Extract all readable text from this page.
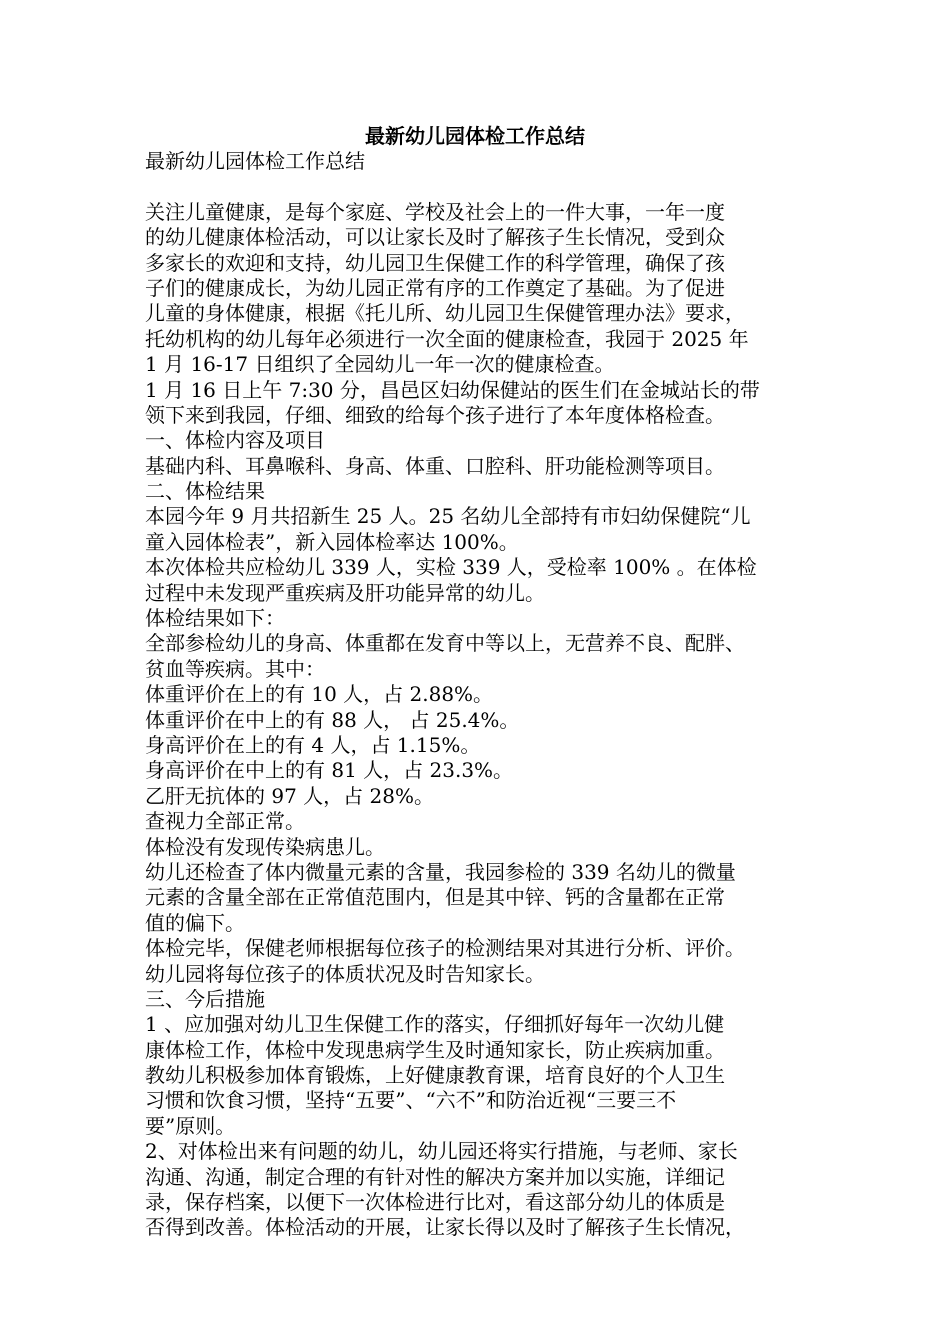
最新幼儿园体检工作总结
最新幼儿园体检工作总结
关注儿童健康，是每个家庭、学校及社会上的一件大事，一年一度
的幼儿健康体检活动，可以让家长及时了解孩子生长情况，受到众
多家长的欢迎和支持，幼儿园卫生保健工作的科学管理，确保了孩
子们的健康成长，为幼儿园正常有序的工作奠定了基础。为了促进
儿童的身体健康，根据《托儿所、幼儿园卫生保健管理办法》要求，
托幼机构的幼儿每年必须进行一次全面的健康检查，我园于 2025 年
1 月 16-17 日组织了全园幼儿一年一次的健康检查。
1 月 16 日上午 7:30 分，昌邑区妇幼保健站的医生们在金城站长的带
领下来到我园，仔细、细致的给每个孩子进行了本年度体格检查。
一、体检内容及项目
基础内科、耳鼻喉科、身高、体重、口腔科、肝功能检测等项目。
二、体检结果
本园今年 9 月共招新生 25 人。25 名幼儿全部持有市妇幼保健院“儿
童入园体检表”，新入园体检率达 100%。
本次体检共应检幼儿 339 人，实检 339 人，受检率 100% 。在体检
过程中未发现严重疾病及肝功能异常的幼儿。
体检结果如下：
全部参检幼儿的身高、体重都在发育中等以上，无营养不良、配胖、
贫血等疾病。其中：
体重评价在上的有 10 人，占 2.88%。
体重评价在中上的有 88 人， 占 25.4%。
身高评价在上的有 4 人，占 1.15%。
身高评价在中上的有 81 人，占 23.3%。
乙肝无抗体的 97 人，占 28%。
查视力全部正常。
体检没有发现传染病患儿。
幼儿还检查了体内微量元素的含量，我园参检的 339 名幼儿的微量
元素的含量全部在正常值范围内，但是其中锌、钙的含量都在正常
值的偏下。
体检完毕，保健老师根据每位孩子的检测结果对其进行分析、评价。
幼儿园将每位孩子的体质状况及时告知家长。
三、今后措施
1 、应加强对幼儿卫生保健工作的落实，仔细抓好每年一次幼儿健
康体检工作，体检中发现患病学生及时通知家长，防止疾病加重。
教幼儿积极参加体育锻炼，上好健康教育课，培育良好的个人卫生
习惯和饮食习惯，坚持“五要”、“六不”和防治近视“三要三不
要”原则。
2、对体检出来有问题的幼儿，幼儿园还将实行措施，与老师、家长
沟通、沟通，制定合理的有针对性的解决方案并加以实施，详细记
录，保存档案，以便下一次体检进行比对，看这部分幼儿的体质是
否得到改善。体检活动的开展，让家长得以及时了解孩子生长情况，
